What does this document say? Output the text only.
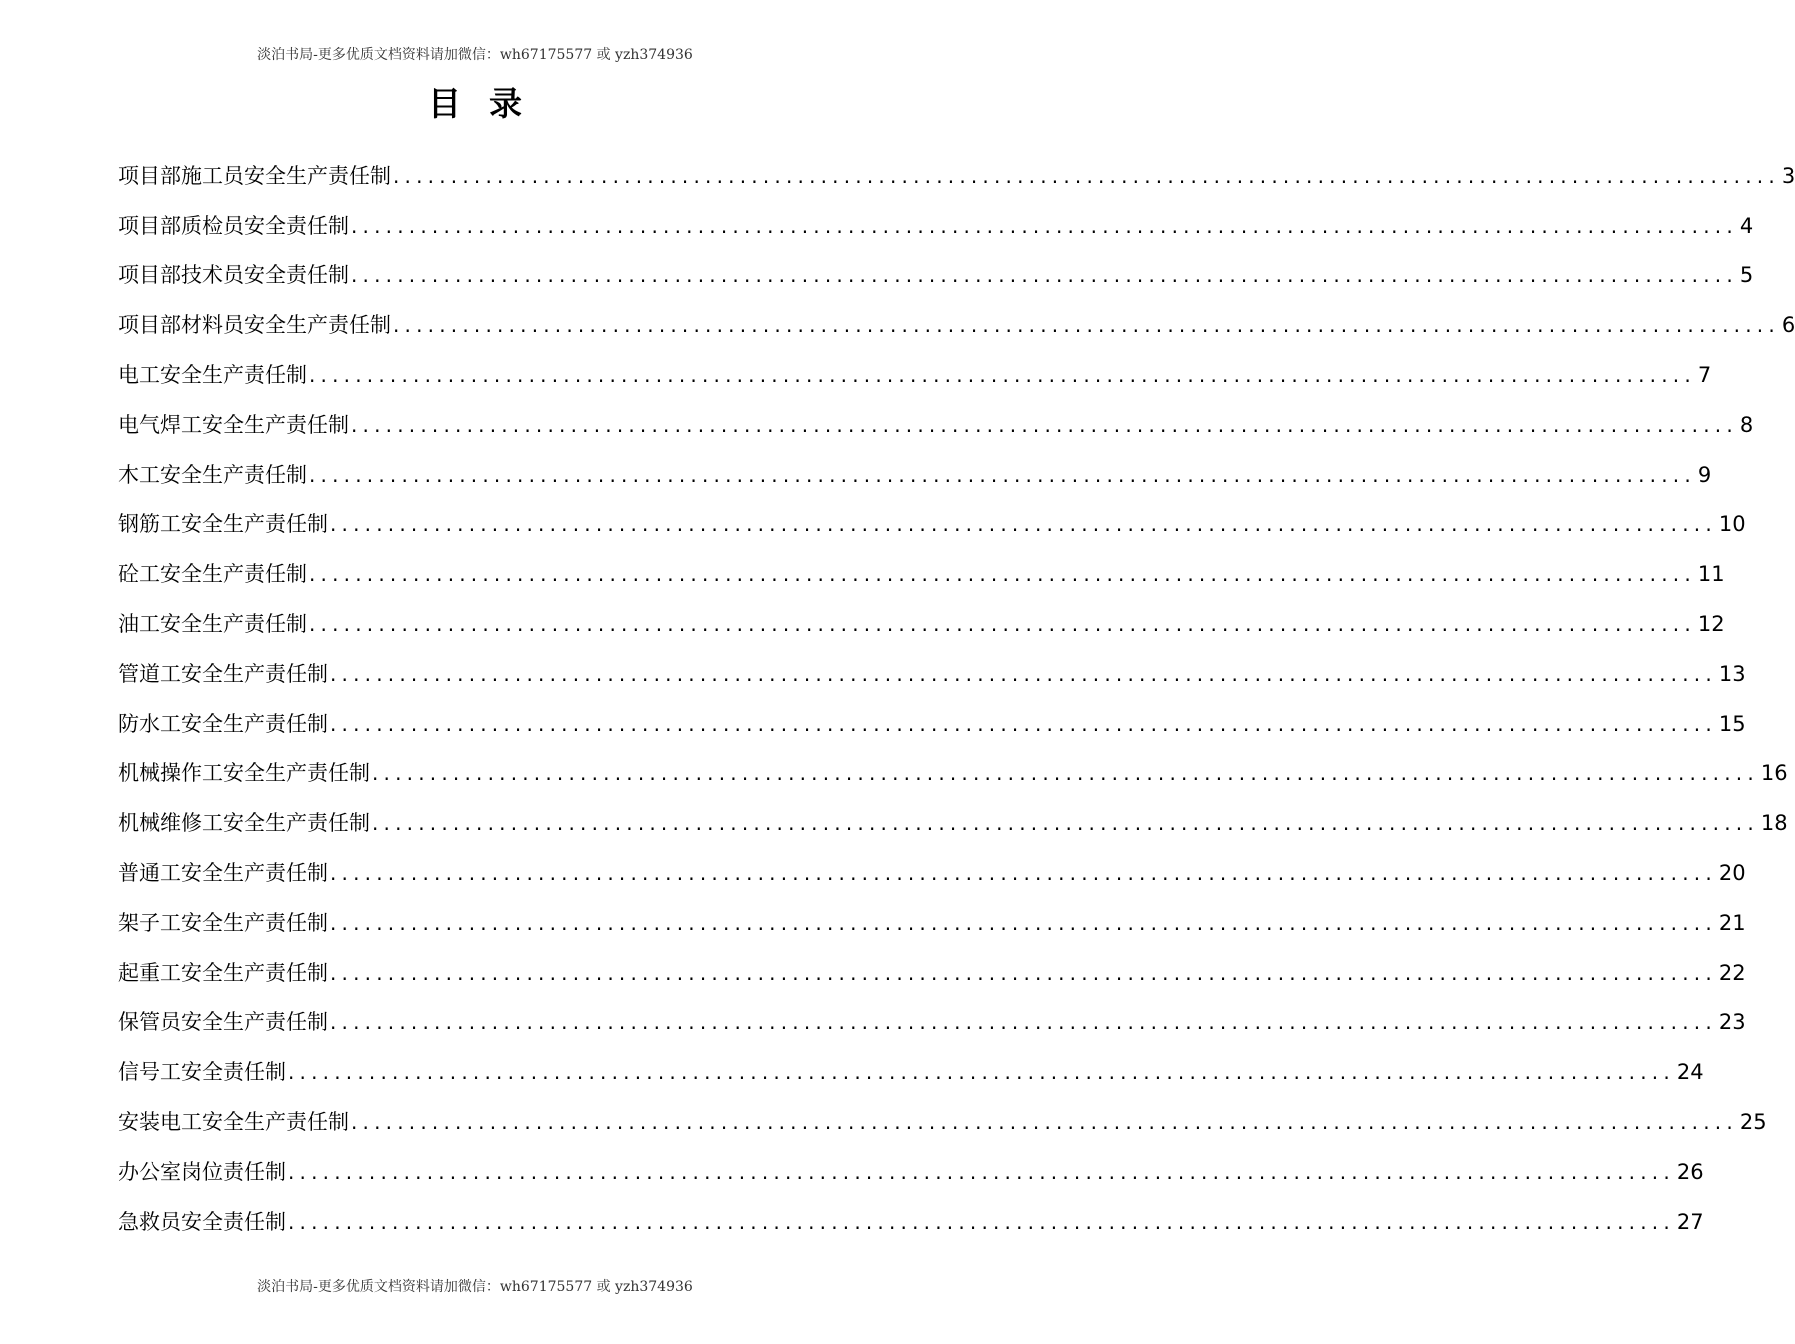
淡泊书局-更多优质文档资料请加微信：wh67175577 或 yzh374936
目录
项目部施工员安全生产责任制 ........................................................................................................................ 3
项目部质检员安全责任制 ........................................................................................................................ 4
项目部技术员安全责任制 ........................................................................................................................ 5
项目部材料员安全生产责任制 ........................................................................................................................ 6
电工安全生产责任制 ........................................................................................................................ 7
电气焊工安全生产责任制 ........................................................................................................................ 8
木工安全生产责任制 ........................................................................................................................ 9
钢筋工安全生产责任制 ........................................................................................................................ 10
砼工安全生产责任制 ........................................................................................................................ 11
油工安全生产责任制 ........................................................................................................................ 12
管道工安全生产责任制 ........................................................................................................................ 13
防水工安全生产责任制 ........................................................................................................................ 15
机械操作工安全生产责任制 ........................................................................................................................ 16
机械维修工安全生产责任制 ........................................................................................................................ 18
普通工安全生产责任制 ........................................................................................................................ 20
架子工安全生产责任制 ........................................................................................................................ 21
起重工安全生产责任制 ........................................................................................................................ 22
保管员安全生产责任制 ........................................................................................................................ 23
信号工安全责任制 ........................................................................................................................ 24
安装电工安全生产责任制 ........................................................................................................................ 25
办公室岗位责任制 ........................................................................................................................ 26
急救员安全责任制 ........................................................................................................................ 27
淡泊书局-更多优质文档资料请加微信：wh67175577 或 yzh374936
